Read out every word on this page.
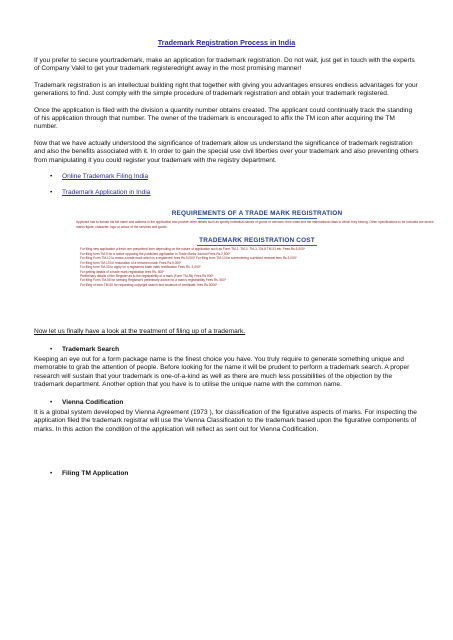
Trademark Registration Process in India

If you prefer to secure yourtrademark, make an application for trademark registration. Do not wait, just get in touch with the experts of Company Vakil to get your trademark registeredright away in the most promising manner!

Trademark registration is an intellectual building right that together with giving you advantages ensures endless advantages for your generations to find. Just comply with the simple procedure of trademark registration and obtain your trademark registered.

Once the application is filed with the division a quantity number obtains created. The applicant could continually track the standing of his application through that number. The owner of the trademark is encouraged to affix the TM icon after acquiring the TM number.

Now that we have actually understood the significance of trademark allow us understand the significance of trademark registration and also the benefits associated with it. In order to gain the special use civil liberties over your trademark and also preventing others from manipulating it you could register your trademark with the registry department.

• Online Trademark Filing India
• Trademark Application in India
REQUIREMENTS OF A TRADE MARK REGISTRATION
Applicant has to furnish his full name and address in the application and provide other details such as specify individual names of goods or services, their class and the international class to which they belong. Other specifications to be included are device marks figure, character, logo or colour of the services and goods.
TRADEMARK REGISTRATION COST
For filing new application a fresh one prescribed form depending on the nature of application such as Form TM-1, TM-2, TM-3, TM-8 TM-51 etc. Fees Rs.5,000*
For filing form TM-5 for a notice opposing the published application in Trade Marks Journal Fees Rs.2,500*
For filing Form TM-12 to renew a trade mark which is a registered: fees Rs.5,000* For filing form TM-10 for surrendering a deleted renewal fees Rs.3,000*
For filing form TM-13 for restoration of a removed mark: Fees Rs.5,000*
For filing form TM-33 to apply for a registered trade mark rectification Fees Rs. 3,000*
For getting details of a trade mark registration fees Rs. 500*
Preliminary details of the Register as to the registrability of a mark (Form TM-55) Fees Rs.500*
For filing Form TM-55 for seeking Registrar's preliminary advice for a mark's registrability Fees Rs. 500*
For filing of form TM-60 for requesting copyright search and issuance of certificate, fees Rs.5000*
Now let us finally have a look at the treatment of filing up of a trademark.
• Trademark Search

Keeping an eye out for a form package name is the finest choice you have. You truly require to generate something unique and memorable to grab the attention of people. Before looking for the name it will be prudent to perform a trademark search. A proper research will sustain that your trademark is one-of-a-kind as well as there are much less possibilities of the objection by the trademark department. Another option that you have is to utilise the unique name with the common name.

• Vienna Codification

It is a global system developed by Vienna Agreement (1973 ), for classification of the figurative aspects of marks. For inspecting the application filed the trademark registrar will use the Vienna Classification to the trademark based upon the figurative components of marks. In this action the condition of the application will reflect as sent out for Vienna Codification.

• Filing TM Application
